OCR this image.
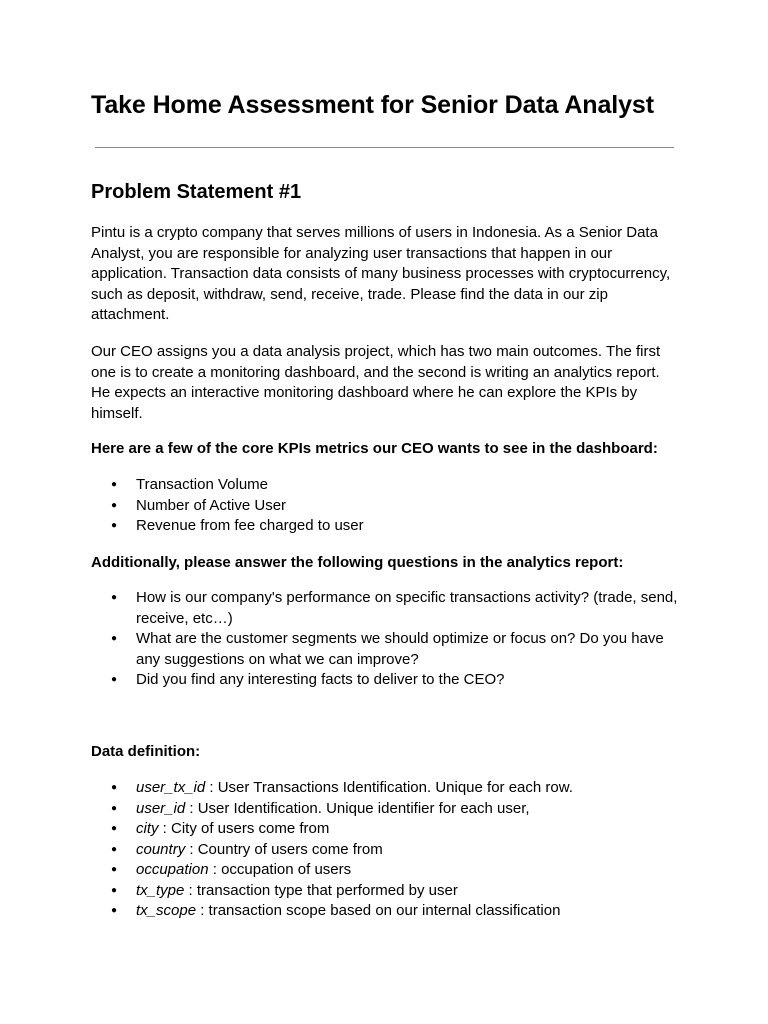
Take Home Assessment for Senior Data Analyst
Problem Statement #1

Pintu is a crypto company that serves millions of users in Indonesia. As a Senior Data Analyst, you are responsible for analyzing user transactions that happen in our application. Transaction data consists of many business processes with cryptocurrency, such as deposit, withdraw, send, receive, trade. Please find the data in our zip attachment.

Our CEO assigns you a data analysis project, which has two main outcomes. The first one is to create a monitoring dashboard, and the second is writing an analytics report. He expects an interactive monitoring dashboard where he can explore the KPIs by himself.

Here are a few of the core KPIs metrics our CEO wants to see in the dashboard:

● Transaction Volume
● Number of Active User
● Revenue from fee charged to user

Additionally, please answer the following questions in the analytics report:

● How is our company's performance on specific transactions activity? (trade, send, receive, etc…)
● What are the customer segments we should optimize or focus on? Do you have any suggestions on what we can improve?
● Did you find any interesting facts to deliver to the CEO?

Data definition:

● user_tx_id : User Transactions Identification. Unique for each row.
● user_id : User Identification. Unique identifier for each user,
● city : City of users come from
● country : Country of users come from
● occupation : occupation of users
● tx_type : transaction type that performed by user
● tx_scope : transaction scope based on our internal classification
